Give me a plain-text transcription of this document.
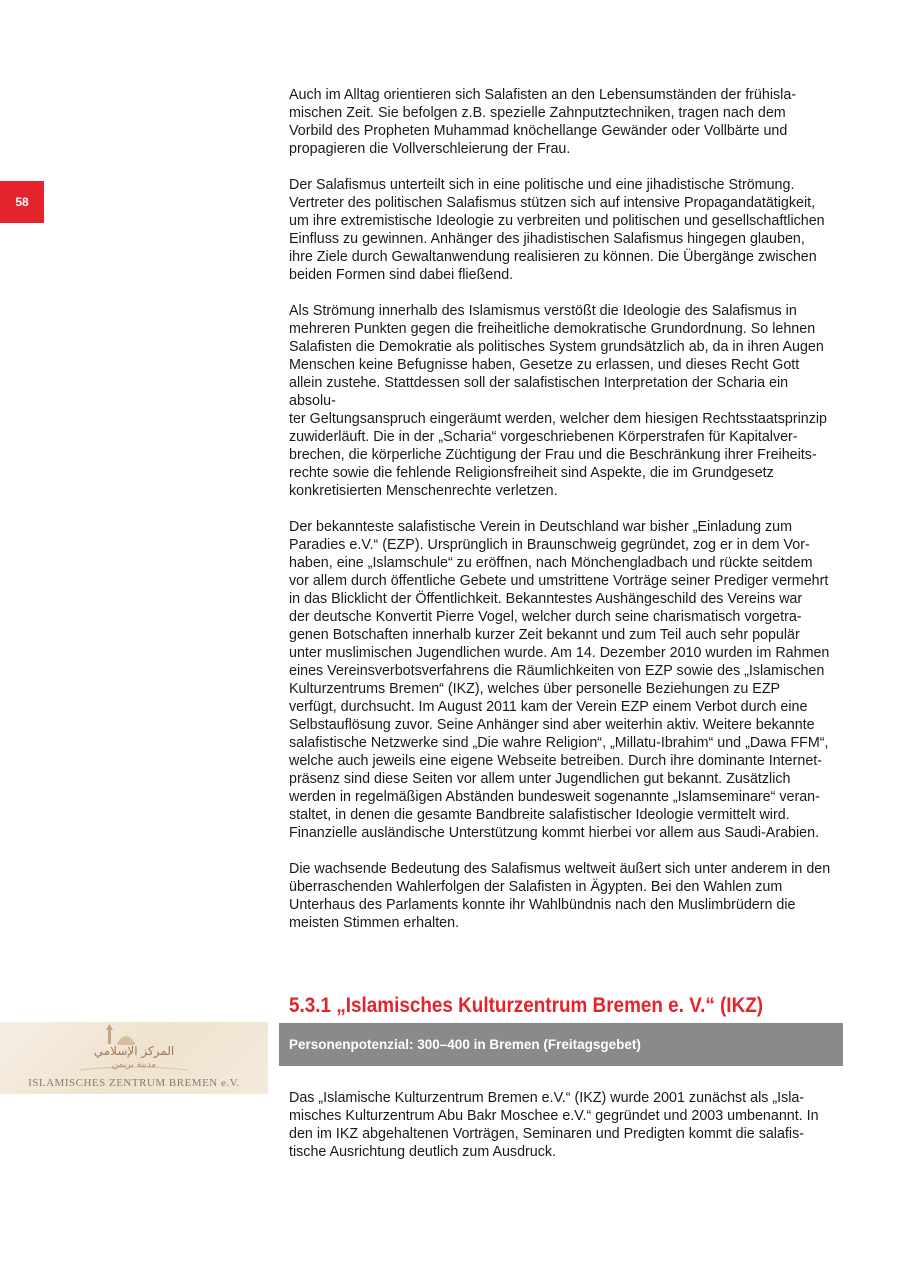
58

Auch im Alltag orientieren sich Salafisten an den Lebensumständen der frühisla-
mischen Zeit. Sie befolgen z.B. spezielle Zahnputztechniken, tragen nach dem
Vorbild des Propheten Muhammad knöchellange Gewänder oder Vollbärte und
propagieren die Vollverschleierung der Frau.

Der Salafismus unterteilt sich in eine politische und eine jihadistische Strömung.
Vertreter des politischen Salafismus stützen sich auf intensive Propagandatätigkeit,
um ihre extremistische Ideologie zu verbreiten und politischen und gesellschaftlichen
Einfluss zu gewinnen. Anhänger des jihadistischen Salafismus hingegen glauben,
ihre Ziele durch Gewaltanwendung realisieren zu können. Die Übergänge zwischen
beiden Formen sind dabei fließend.

Als Strömung innerhalb des Islamismus verstößt die Ideologie des Salafismus in
mehreren Punkten gegen die freiheitliche demokratische Grundordnung. So lehnen
Salafisten die Demokratie als politisches System grundsätzlich ab, da in ihren Augen
Menschen keine Befugnisse haben, Gesetze zu erlassen, und dieses Recht Gott
allein zustehe. Stattdessen soll der salafistischen Interpretation der Scharia ein absolu-
ter Geltungsanspruch eingeräumt werden, welcher dem hiesigen Rechtsstaatsprinzip
zuwiderläuft. Die in der „Scharia“ vorgeschriebenen Körperstrafen für Kapitalver-
brechen, die körperliche Züchtigung der Frau und die Beschränkung ihrer Freiheits-
rechte sowie die fehlende Religionsfreiheit sind Aspekte, die im Grundgesetz
konkretisierten Menschenrechte verletzen.

Der bekannteste salafistische Verein in Deutschland war bisher „Einladung zum
Paradies e.V.“ (EZP). Ursprünglich in Braunschweig gegründet, zog er in dem Vor-
haben, eine „Islamschule“ zu eröffnen, nach Mönchengladbach und rückte seitdem
vor allem durch öffentliche Gebete und umstrittene Vorträge seiner Prediger vermehrt
in das Blicklicht der Öffentlichkeit. Bekanntestes Aushängeschild des Vereins war
der deutsche Konvertit Pierre Vogel, welcher durch seine charismatisch vorgetra-
genen Botschaften innerhalb kurzer Zeit bekannt und zum Teil auch sehr populär
unter muslimischen Jugendlichen wurde. Am 14. Dezember 2010 wurden im Rahmen
eines Vereinsverbotsverfahrens die Räumlichkeiten von EZP sowie des „Islamischen
Kulturzentrums Bremen“ (IKZ), welches über personelle Beziehungen zu EZP
verfügt, durchsucht. Im August 2011 kam der Verein EZP einem Verbot durch eine
Selbstauflösung zuvor. Seine Anhänger sind aber weiterhin aktiv. Weitere bekannte
salafistische Netzwerke sind „Die wahre Religion“, „Millatu-Ibrahim“ und „Dawa FFM“,
welche auch jeweils eine eigene Webseite betreiben. Durch ihre dominante Internet-
präsenz sind diese Seiten vor allem unter Jugendlichen gut bekannt. Zusätzlich
werden in regelmäßigen Abständen bundesweit sogenannte „Islamseminare“ veran-
staltet, in denen die gesamte Bandbreite salafistischer Ideologie vermittelt wird.
Finanzielle ausländische Unterstützung kommt hierbei vor allem aus Saudi-Arabien.

Die wachsende Bedeutung des Salafismus weltweit äußert sich unter anderem in den
überraschenden Wahlerfolgen der Salafisten in Ägypten. Bei den Wahlen zum
Unterhaus des Parlaments konnte ihr Wahlbündnis nach den Muslimbrüdern die
meisten Stimmen erhalten.

5.3.1 „Islamisches Kulturzentrum Bremen e. V.“ (IKZ)
المركز الإسلامي
مدينة بريمن
ISLAMISCHES ZENTRUM BREMEN e.V.
Personenpotenzial: 300–400 in Bremen (Freitagsgebet)

Das „Islamische Kulturzentrum Bremen e.V.“ (IKZ) wurde 2001 zunächst als „Isla-
misches Kulturzentrum Abu Bakr Moschee e.V.“ gegründet und 2003 umbenannt. In
den im IKZ abgehaltenen Vorträgen, Seminaren und Predigten kommt die salafis-
tische Ausrichtung deutlich zum Ausdruck.
